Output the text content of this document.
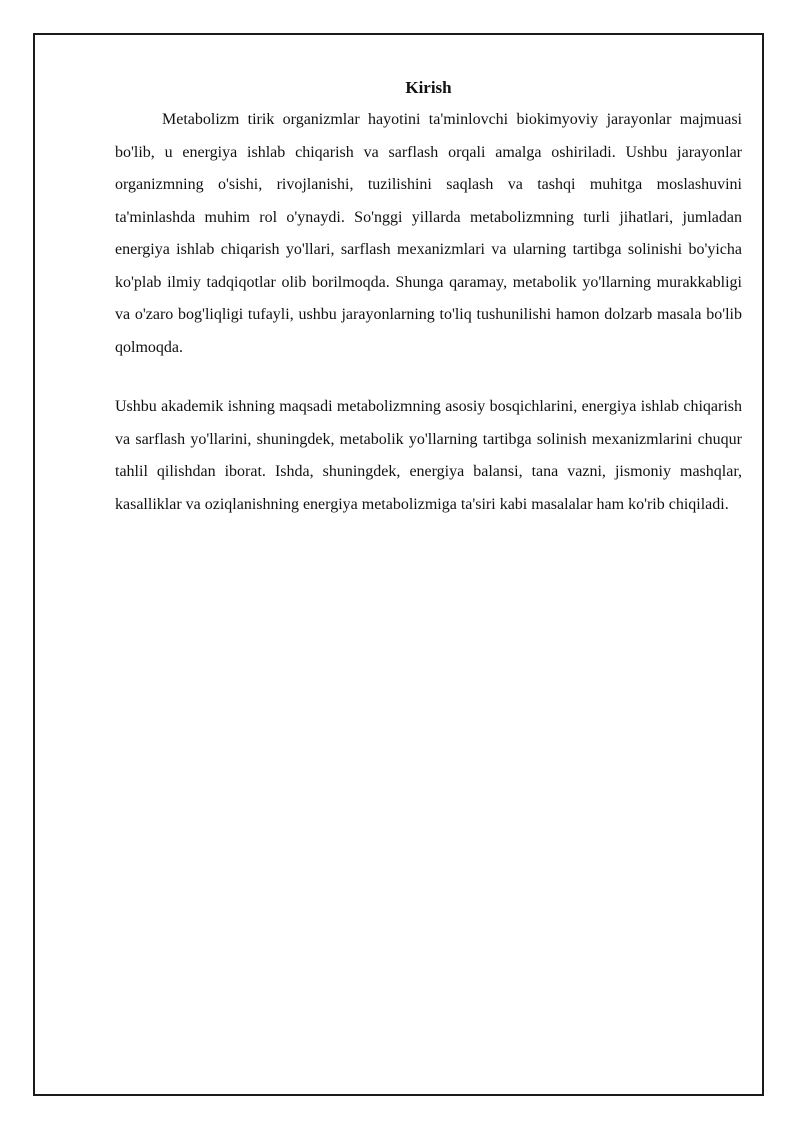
Kirish

Metabolizm tirik organizmlar hayotini ta'minlovchi biokimyoviy jarayonlar majmuasi bo'lib, u energiya ishlab chiqarish va sarflash orqali amalga oshiriladi. Ushbu jarayonlar organizmning o'sishi, rivojlanishi, tuzilishini saqlash va tashqi muhitga moslashuvini ta'minlashda muhim rol o'ynaydi. So'nggi yillarda metabolizmning turli jihatlari, jumladan energiya ishlab chiqarish yo'llari, sarflash mexanizmlari va ularning tartibga solinishi bo'yicha ko'plab ilmiy tadqiqotlar olib borilmoqda. Shunga qaramay, metabolik yo'llarning murakkabligi va o'zaro bog'liqligi tufayli, ushbu jarayonlarning to'liq tushunilishi hamon dolzarb masala bo'lib qolmoqda.

Ushbu akademik ishning maqsadi metabolizmning asosiy bosqichlarini, energiya ishlab chiqarish va sarflash yo'llarini, shuningdek, metabolik yo'llarning tartibga solinish mexanizmlarini chuqur tahlil qilishdan iborat. Ishda, shuningdek, energiya balansi, tana vazni, jismoniy mashqlar, kasalliklar va oziqlanishning energiya metabolizmiga ta'siri kabi masalalar ham ko'rib chiqiladi.
